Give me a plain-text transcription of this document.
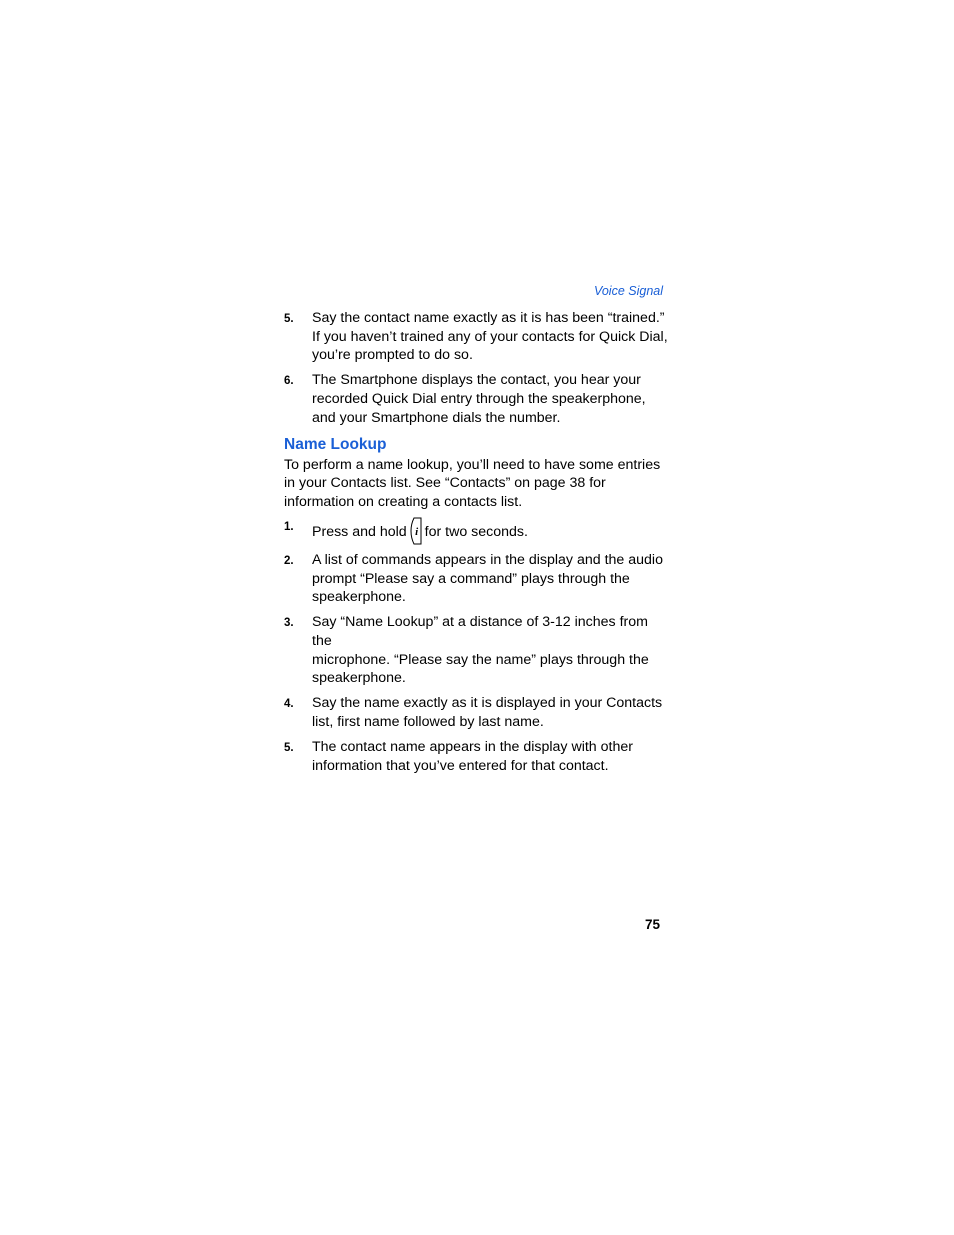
Voice Signal
5. Say the contact name exactly as it is has been “trained.”
If you haven’t trained any of your contacts for Quick Dial,
you’re prompted to do so.
6. The Smartphone displays the contact, you hear your
recorded Quick Dial entry through the speakerphone,
and your Smartphone dials the number.
Name Lookup
To perform a name lookup, you’ll need to have some entries
in your Contacts list. See “Contacts” on page 38 for
information on creating a contacts list.
1. Press and hold i for two seconds.
2. A list of commands appears in the display and the audio
prompt “Please say a command” plays through the
speakerphone.
3. Say “Name Lookup” at a distance of 3-12 inches from the
microphone. “Please say the name” plays through the
speakerphone.
4. Say the name exactly as it is displayed in your Contacts
list, first name followed by last name.
5. The contact name appears in the display with other
information that you’ve entered for that contact.
75
